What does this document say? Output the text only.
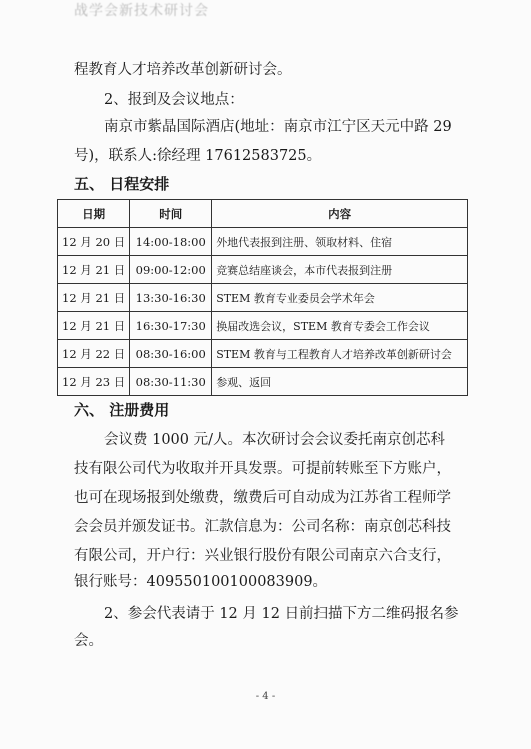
战学会新技术研讨会
程教育人才培养改革创新研讨会。
2、报到及会议地点：
南京市紫晶国际酒店(地址：南京市江宁区天元中路 29
号)，联系人:徐经理 17612583725。
五、 日程安排
日期	时间	内容
12 月 20 日	14:00-18:00	外地代表报到注册、领取材料、住宿
12 月 21 日	09:00-12:00	竞赛总结座谈会，本市代表报到注册
12 月 21 日	13:30-16:30	STEM 教育专业委员会学术年会
12 月 21 日	16:30-17:30	换届改选会议，STEM 教育专委会工作会议
12 月 22 日	08:30-16:00	STEM 教育与工程教育人才培养改革创新研讨会
12 月 23 日	08:30-11:30	参观、返回
六、 注册费用
会议费 1000 元/人。本次研讨会会议委托南京创芯科
技有限公司代为收取并开具发票。可提前转账至下方账户，
也可在现场报到处缴费，缴费后可自动成为江苏省工程师学
会会员并颁发证书。汇款信息为：公司名称：南京创芯科技
有限公司，开户行：兴业银行股份有限公司南京六合支行，
银行账号：409550100100083909。
2、参会代表请于 12 月 12 日前扫描下方二维码报名参
会。
- 4 -
